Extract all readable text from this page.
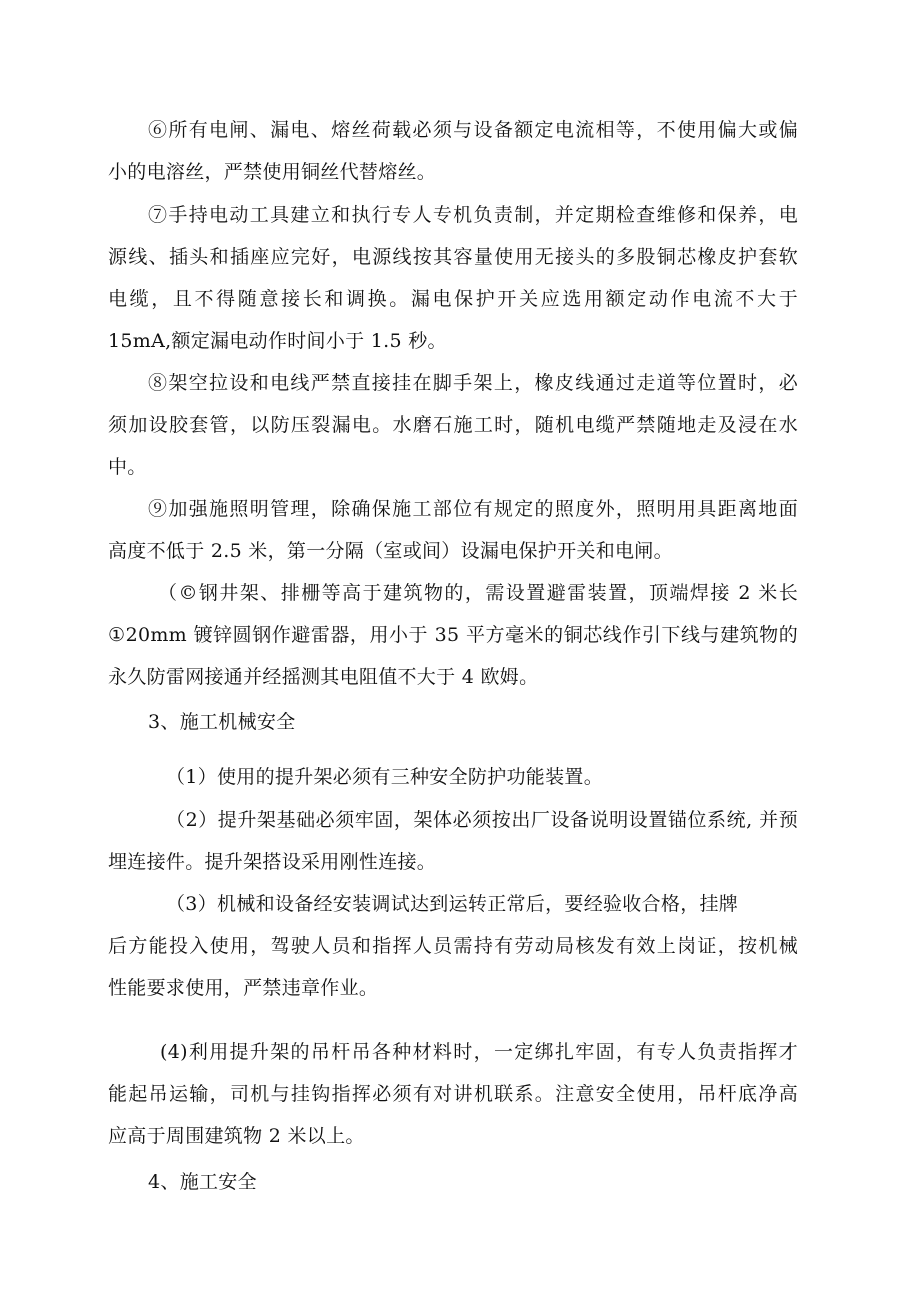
⑥所有电闸、漏电、熔丝荷载必须与设备额定电流相等，不使用偏大或偏
小的电溶丝，严禁使用铜丝代替熔丝。
⑦手持电动工具建立和执行专人专机负责制，并定期检查维修和保养，电
源线、插头和插座应完好，电源线按其容量使用无接头的多股铜芯橡皮护套软
电缆，且不得随意接长和调换。漏电保护开关应选用额定动作电流不大于
15mA,额定漏电动作时间小于 1.5 秒。
⑧架空拉设和电线严禁直接挂在脚手架上，橡皮线通过走道等位置时，必
须加设胶套管，以防压裂漏电。水磨石施工时，随机电缆严禁随地走及浸在水
中。
⑨加强施照明管理，除确保施工部位有规定的照度外，照明用具距离地面
高度不低于 2.5 米，第一分隔（室或间）设漏电保护开关和电闸。
（©钢井架、排栅等高于建筑物的，需设置避雷装置，顶端焊接 2 米长
①20mm 镀锌圆钢作避雷器，用小于 35 平方毫米的铜芯线作引下线与建筑物的
永久防雷网接通并经摇测其电阻值不大于 4 欧姆。
3、施工机械安全
（1）使用的提升架必须有三种安全防护功能装置。
（2）提升架基础必须牢固，架体必须按出厂设备说明设置锚位系统, 并预
埋连接件。提升架搭设采用刚性连接。
（3）机械和设备经安装调试达到运转正常后，要经验收合格，挂牌
后方能投入使用，驾驶人员和指挥人员需持有劳动局核发有效上岗证，按机械
性能要求使用，严禁违章作业。
(4)利用提升架的吊杆吊各种材料时，一定绑扎牢固，有专人负责指挥才
能起吊运输，司机与挂钩指挥必须有对讲机联系。注意安全使用，吊杆底净高
应高于周围建筑物 2 米以上。
4、施工安全
